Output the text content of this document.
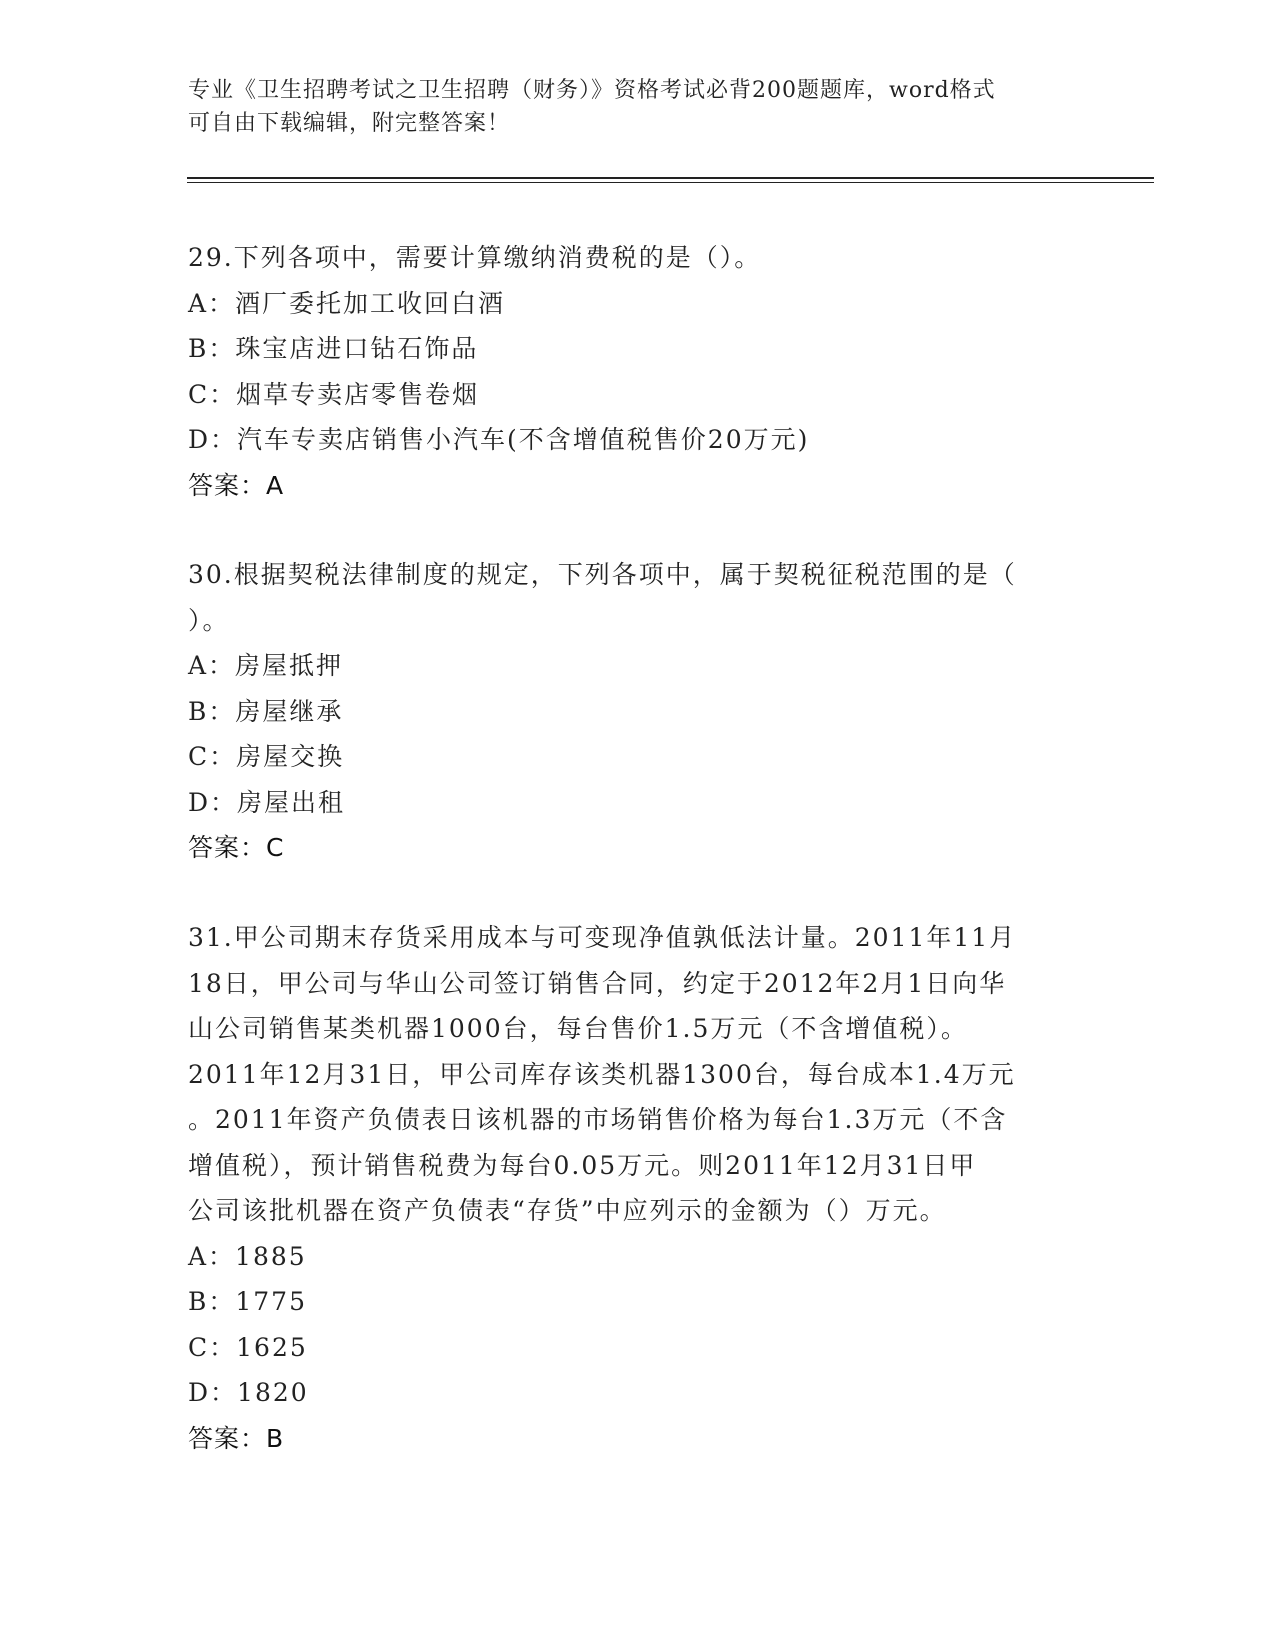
专业《卫生招聘考试之卫生招聘（财务）》资格考试必背200题题库，word格式
可自由下载编辑，附完整答案！
29.下列各项中，需要计算缴纳消费税的是（）。
A：酒厂委托加工收回白酒
B：珠宝店进口钻石饰品
C：烟草专卖店零售卷烟
D：汽车专卖店销售小汽车(不含增值税售价20万元)
答案：A
30.根据契税法律制度的规定，下列各项中，属于契税征税范围的是（
）。
A：房屋抵押
B：房屋继承
C：房屋交换
D：房屋出租
答案：C
31.甲公司期末存货采用成本与可变现净值孰低法计量。2011年11月
18日，甲公司与华山公司签订销售合同，约定于2012年2月1日向华
山公司销售某类机器1000台，每台售价1.5万元（不含增值税）。
2011年12月31日，甲公司库存该类机器1300台，每台成本1.4万元
。2011年资产负债表日该机器的市场销售价格为每台1.3万元（不含
增值税），预计销售税费为每台0.05万元。则2011年12月31日甲
公司该批机器在资产负债表“存货”中应列示的金额为（）万元。
A：1885
B：1775
C：1625
D：1820
答案：B
